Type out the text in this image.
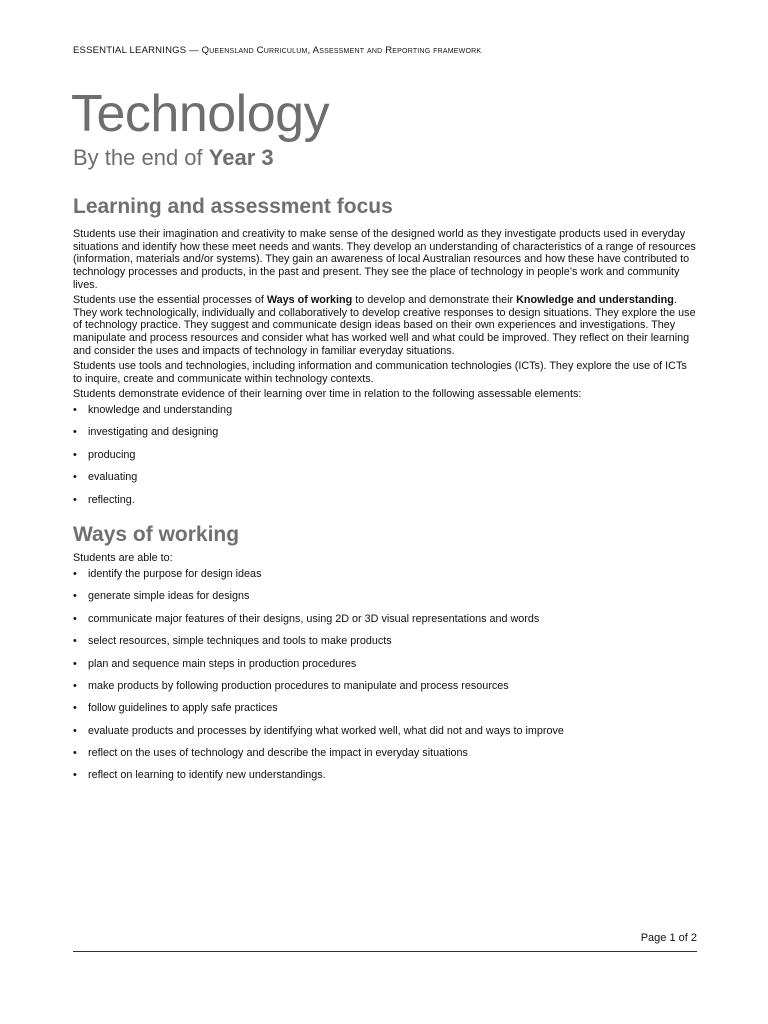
ESSENTIAL LEARNINGS — Queensland Curriculum, Assessment and Reporting framework
Technology
By the end of Year 3
Learning and assessment focus

Students use their imagination and creativity to make sense of the designed world as they investigate products used in everyday situations and identify how these meet needs and wants. They develop an understanding of characteristics of a range of resources (information, materials and/or systems). They gain an awareness of local Australian resources and how these have contributed to technology processes and products, in the past and present. They see the place of technology in people’s work and community lives.

Students use the essential processes of Ways of working to develop and demonstrate their Knowledge and understanding. They work technologically, individually and collaboratively to develop creative responses to design situations. They explore the use of technology practice. They suggest and communicate design ideas based on their own experiences and investigations. They manipulate and process resources and consider what has worked well and what could be improved. They reflect on their learning and consider the uses and impacts of technology in familiar everyday situations.

Students use tools and technologies, including information and communication technologies (ICTs). They explore the use of ICTs to inquire, create and communicate within technology contexts.

Students demonstrate evidence of their learning over time in relation to the following assessable elements:

• knowledge and understanding
• investigating and designing
• producing
• evaluating
• reflecting.
Ways of working

Students are able to:

• identify the purpose for design ideas
• generate simple ideas for designs
• communicate major features of their designs, using 2D or 3D visual representations and words
• select resources, simple techniques and tools to make products
• plan and sequence main steps in production procedures
• make products by following production procedures to manipulate and process resources
• follow guidelines to apply safe practices
• evaluate products and processes by identifying what worked well, what did not and ways to improve
• reflect on the uses of technology and describe the impact in everyday situations
• reflect on learning to identify new understandings.
Page 1 of 2
